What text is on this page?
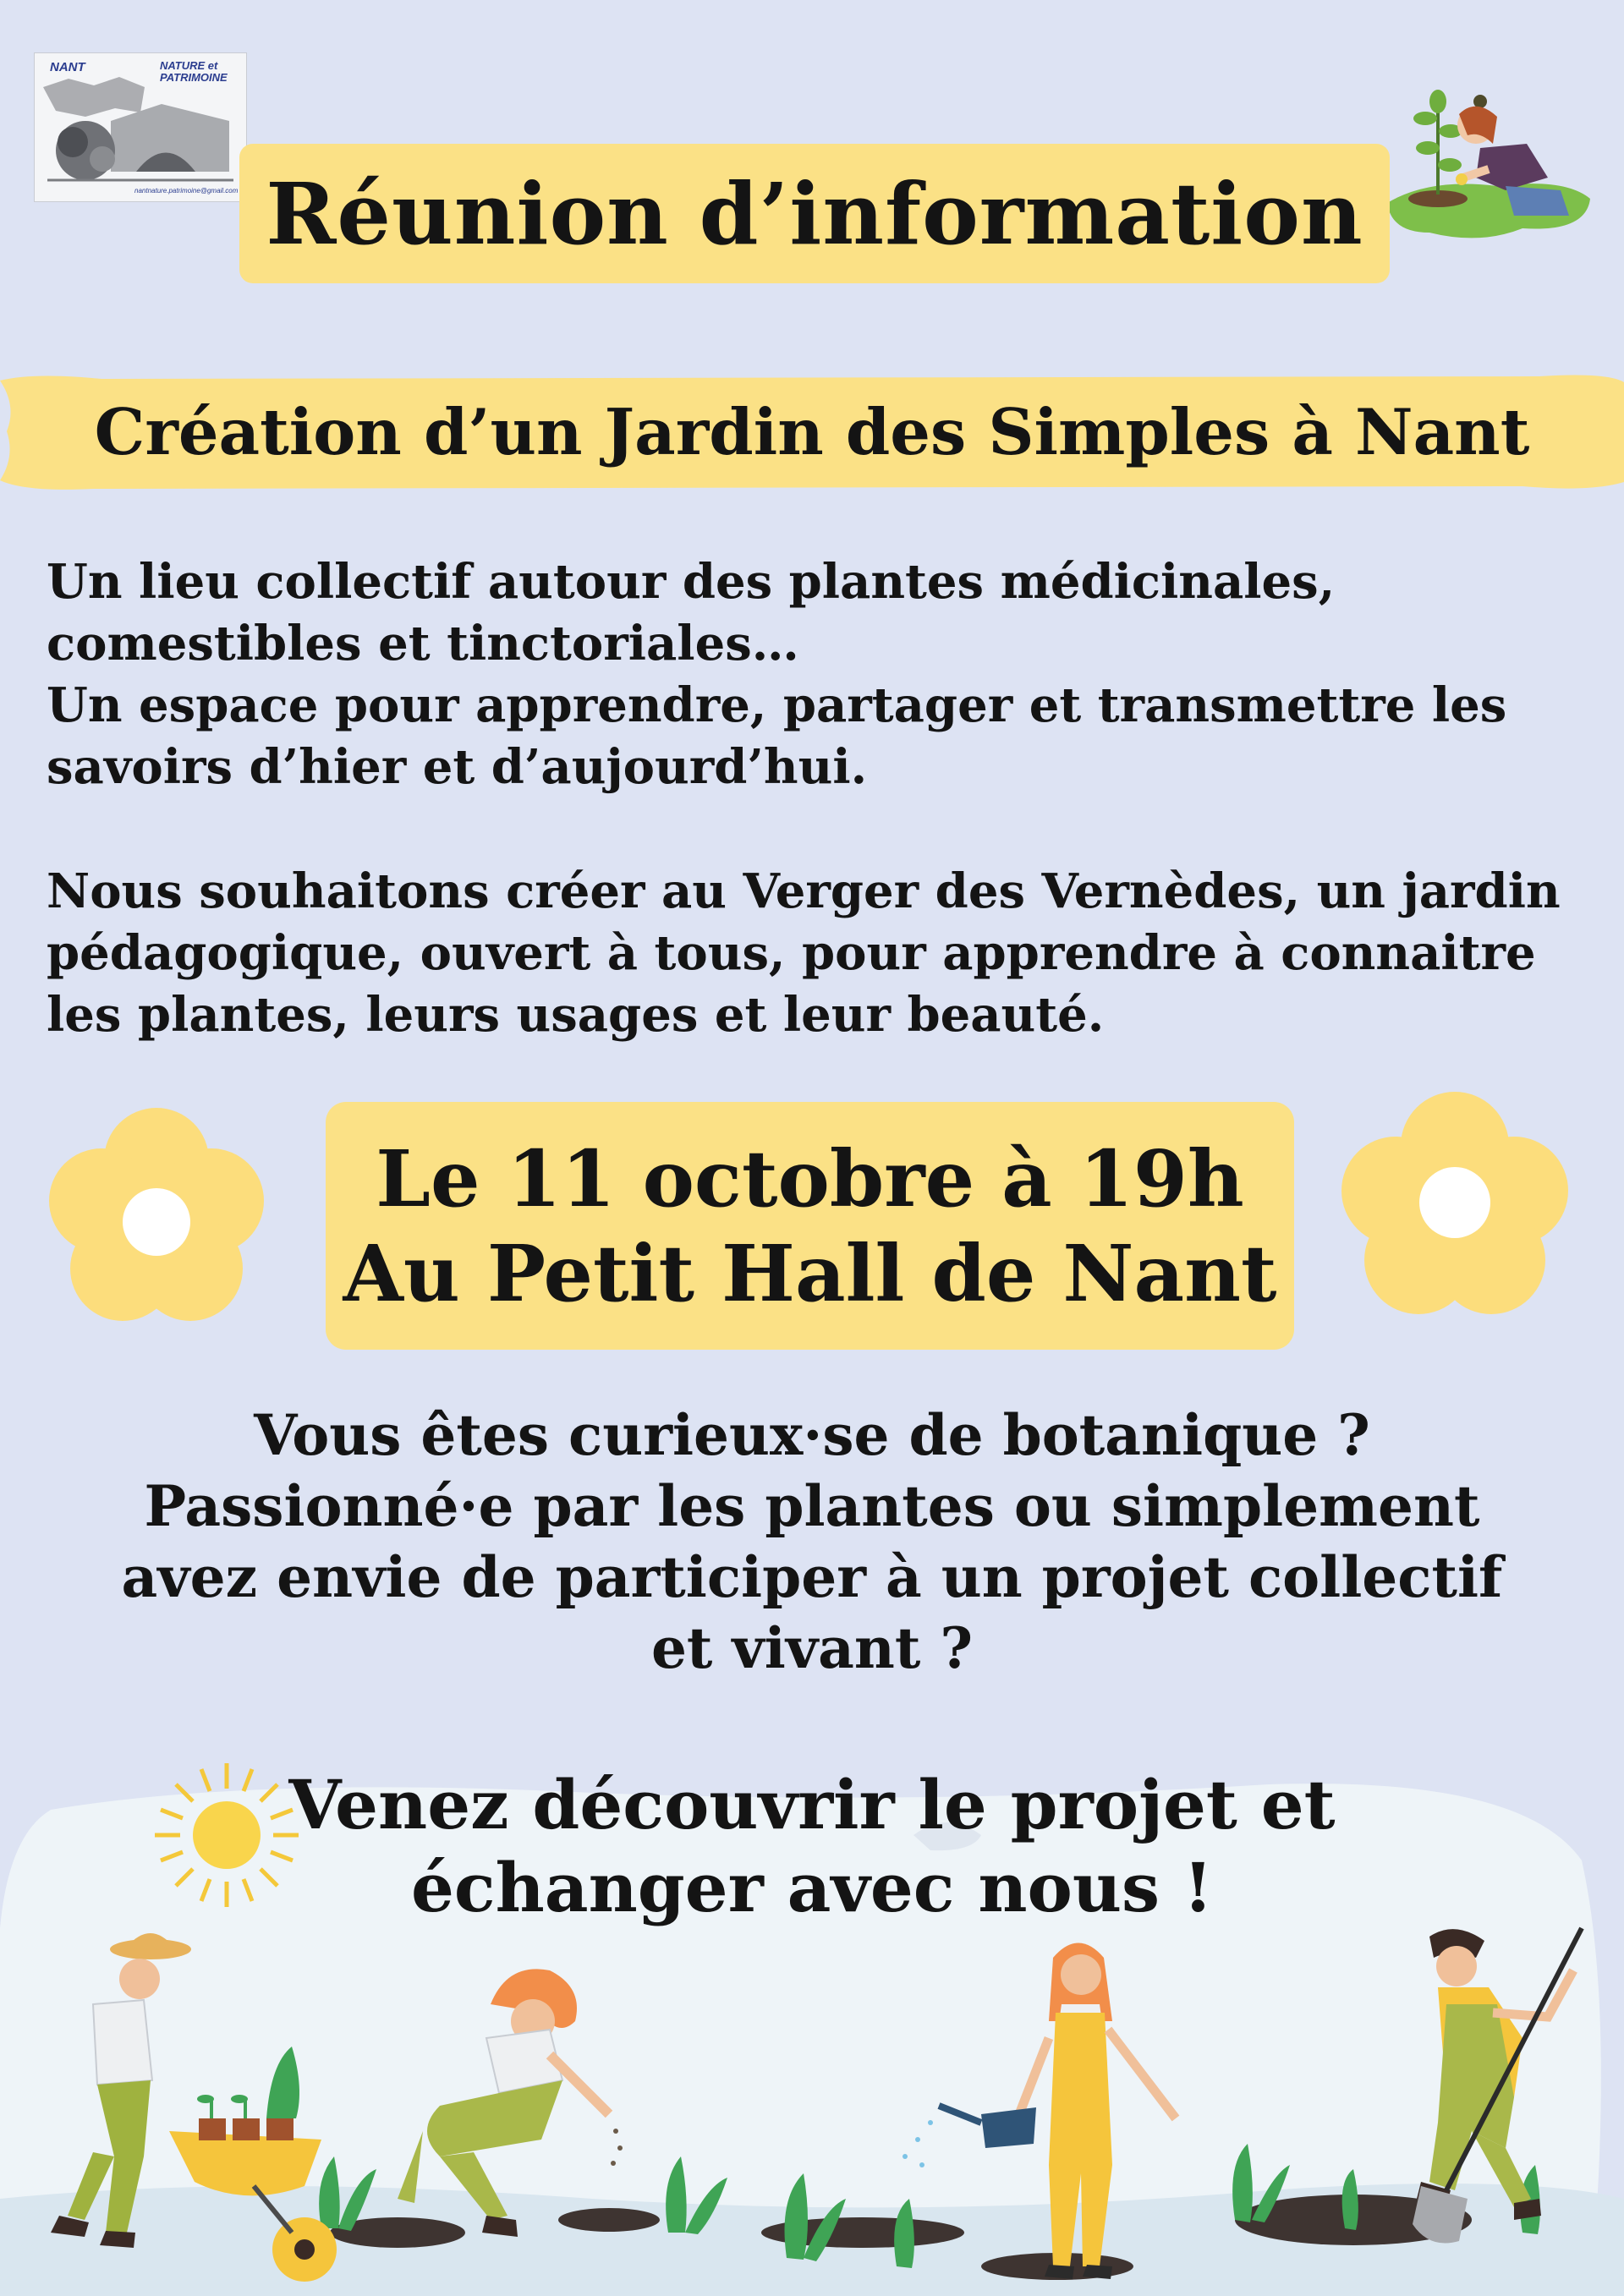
NANT	NATURE et PATRIMOINE
nantnature.patrimoine@gmail.com Réunion d’information
Création d’un Jardin des Simples à Nant
Un lieu collectif autour des plantes médicinales,
comestibles et tinctoriales…
Un espace pour apprendre, partager et transmettre les
savoirs d’hier et d’aujourd’hui.
Nous souhaitons créer au Verger des Vernèdes, un jardin
pédagogique, ouvert à tous, pour apprendre à connaitre
les plantes, leurs usages et leur beauté.
Le 11 octobre à 19h
Au Petit Hall de Nant
Vous êtes curieux·se de botanique ?
Passionné·e par les plantes ou simplement
avez envie de participer à un projet collectif
et vivant ?
Venez découvrir le projet et
échanger avec nous !
